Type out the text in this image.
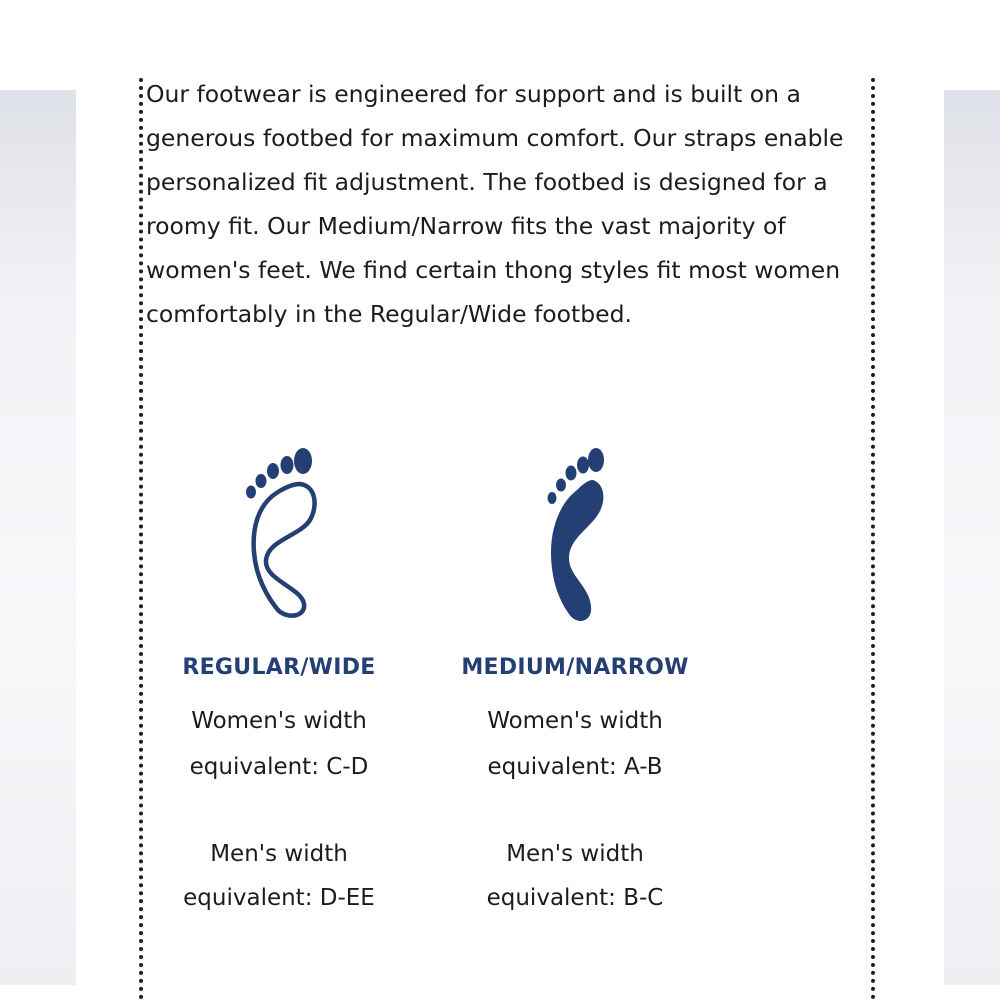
Our footwear is engineered for support and is built on a generous footbed for maximum comfort. Our straps enable personalized fit adjustment. The footbed is designed for a roomy fit. Our Medium/Narrow fits the vast majority of women's feet. We find certain thong styles fit most women comfortably in the Regular/Wide footbed.

REGULAR/WIDE
Women's width
equivalent: C-D
Men's width
equivalent: D-EE
MEDIUM/NARROW
Women's width
equivalent: A-B
Men's width
equivalent: B-C
